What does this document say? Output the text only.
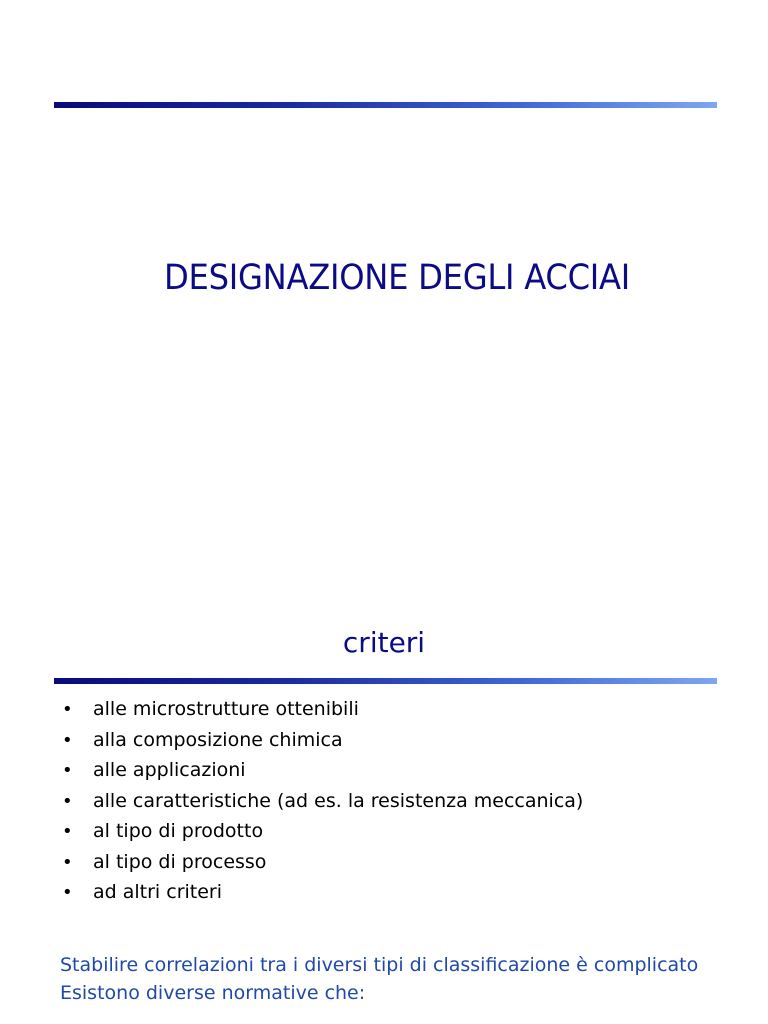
DESIGNAZIONE DEGLI ACCIAI
criteri
• alle microstrutture ottenibili
• alla composizione chimica
• alle applicazioni
• alle caratteristiche (ad es. la resistenza meccanica)
• al tipo di prodotto
• al tipo di processo
• ad altri criteri
Stabilire correlazioni tra i diversi tipi di classificazione è complicato
Esistono diverse normative che:
